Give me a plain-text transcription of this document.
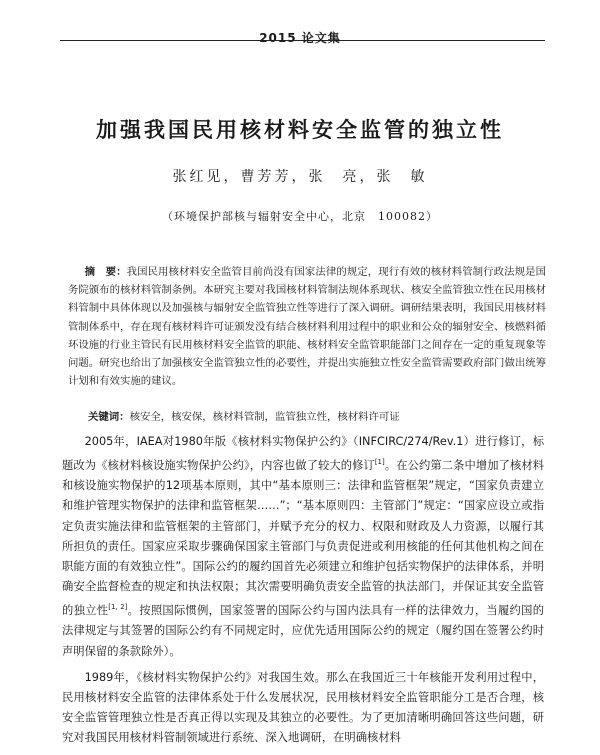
2015 论文集
加强我国民用核材料安全监管的独立性
张红见，曹芳芳，张　亮，张　敏
（环境保护部核与辐射安全中心，北京　100082）
摘　要：我国民用核材料安全监管目前尚没有国家法律的规定，现行有效的核材料管制行政法规是国务院颁布的核材料管制条例。本研究主要对我国核材料管制法规体系现状、核安全监管独立性在民用核材料管制中具体体现以及加强核与辐射安全监管独立性等进行了深入调研。调研结果表明，我国民用核材料管制体系中，存在现有核材料许可证颁发没有结合核材料利用过程中的职业和公众的辐射安全、核燃料循环设施的行业主管民有民用核材料安全监管的职能、核材料安全监管职能部门之间存在一定的重复现象等问题。研究也给出了加强核安全监管独立性的必要性，并提出实施独立性安全监管需要政府部门做出统筹计划和有效实施的建议。
关键词：核安全，核安保，核材料管制，监管独立性，核材料许可证

2005年，IAEA对1980年版《核材料实物保护公约》（INFCIRC/274/Rev.1）进行修订，标题改为《核材料核设施实物保护公约》，内容也做了较大的修订[1]。在公约第二条中增加了核材料和核设施实物保护的12项基本原则，其中“基本原则三：法律和监管框架”规定，“国家负责建立和维护管理实物保护的法律和监管框架……”；“基本原则四：主管部门”规定：“国家应设立或指定负责实施法律和监管框架的主管部门，并赋予充分的权力、权限和财政及人力资源，以履行其所担负的责任。国家应采取步骤确保国家主管部门与负责促进或利用核能的任何其他机构之间在职能方面的有效独立性”。国际公约的履约国首先必须建立和维护包括实物保护的法律体系，并明确安全监督检查的规定和执法权限；其次需要明确负责安全监管的执法部门，并保证其安全监管的独立性[1, 2]。按照国际惯例，国家签署的国际公约与国内法具有一样的法律效力，当履约国的法律规定与其签署的国际公约有不同规定时，应优先适用国际公约的规定（履约国在签署公约时声明保留的条款除外）。

1989年，《核材料实物保护公约》对我国生效。那么在我国近三十年核能开发利用过程中，民用核材料安全监管的法律体系处于什么发展状况，民用核材料安全监管职能分工是否合理，核安全监管管理独立性是否真正得以实现及其独立的必要性。为了更加清晰明确回答这些问题，研究对我国民用核材料管制领域进行系统、深入地调研，在明确核材料
